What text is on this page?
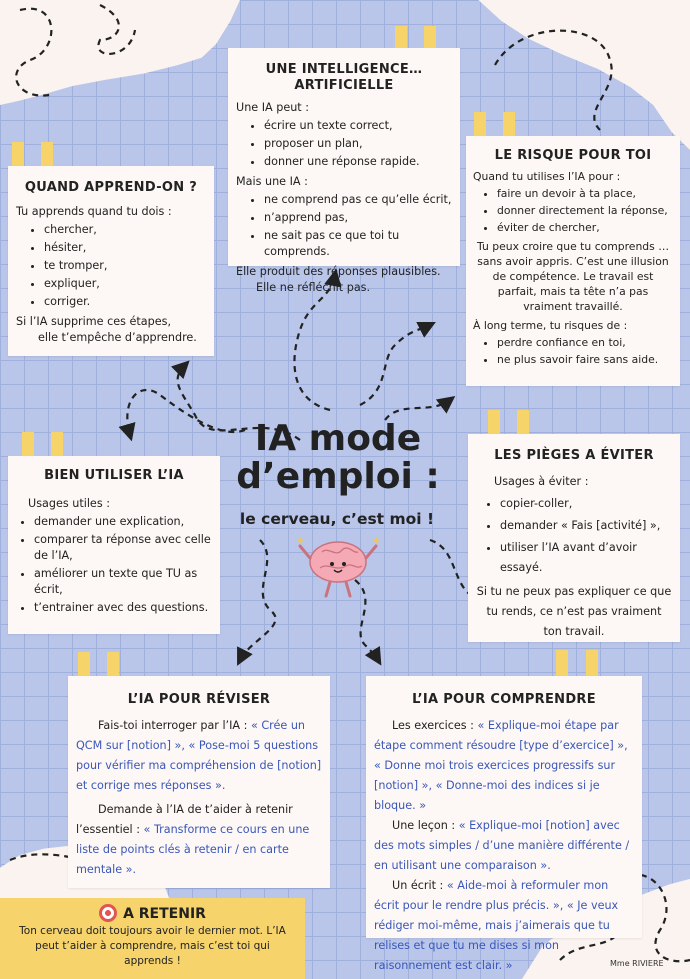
UNE INTELLIGENCE… ARTIFICIELLE

Une IA peut :

• écrire un texte correct,
• proposer un plan,
• donner une réponse rapide.

Mais une IA :

• ne comprend pas ce qu’elle écrit,
• n’apprend pas,
• ne sait pas ce que toi tu comprends.

Elle produit des réponses plausibles.

Elle ne réfléchit pas.

QUAND APPREND-ON ?

Tu apprends quand tu dois :

• chercher,
• hésiter,
• te tromper,
• expliquer,
• corriger.

Si l’IA supprime ces étapes,

elle t’empêche d’apprendre.

LE RISQUE POUR TOI

Quand tu utilises l’IA pour :

• faire un devoir à ta place,
• donner directement la réponse,
• éviter de chercher,

Tu peux croire que tu comprends … sans avoir appris. C’est une illusion de compétence. Le travail est parfait, mais ta tête n’a pas vraiment travaillé.

À long terme, tu risques de :

• perdre confiance en toi,
• ne plus savoir faire sans aide.
BIEN UTILISER L’IA

Usages utiles :

• demander une explication,
• comparer ta réponse avec celle de l’IA,
• améliorer un texte que TU as écrit,
• t’entrainer avec des questions.
LES PIÈGES A ÉVITER

Usages à éviter :

• copier-coller,
• demander « Fais [activité] »,
• utiliser l’IA avant d’avoir essayé.

Si tu ne peux pas expliquer ce que tu rends, ce n’est pas vraiment ton travail.

IA mode
d’emploi :
le cerveau, c’est moi !
✦	✦
L’IA POUR RÉVISER

Fais-toi interroger par l’IA : « Crée un QCM sur [notion] », « Pose-moi 5 questions pour vérifier ma compréhension de [notion] et corrige mes réponses ».

Demande à l’IA de t’aider à retenir l’essentiel : « Transforme ce cours en une liste de points clés à retenir / en carte mentale ».

L’IA POUR COMPRENDRE

Les exercices : « Explique-moi étape par étape comment résoudre [type d’exercice] », « Donne moi trois exercices progressifs sur [notion] », « Donne-moi des indices si je bloque. »

Une leçon : « Explique-moi [notion] avec des mots simples / d’une manière différente / en utilisant une comparaison ».

Un écrit : « Aide-moi à reformuler mon écrit pour le rendre plus précis. », « Je veux rédiger moi-même, mais j’aimerais que tu relises et que tu me dises si mon raisonnement est clair. »

A RETENIR
Ton cerveau doit toujours avoir le dernier mot. L’IA peut t’aider à comprendre, mais c’est toi qui apprends !	Mme RIVIERE
